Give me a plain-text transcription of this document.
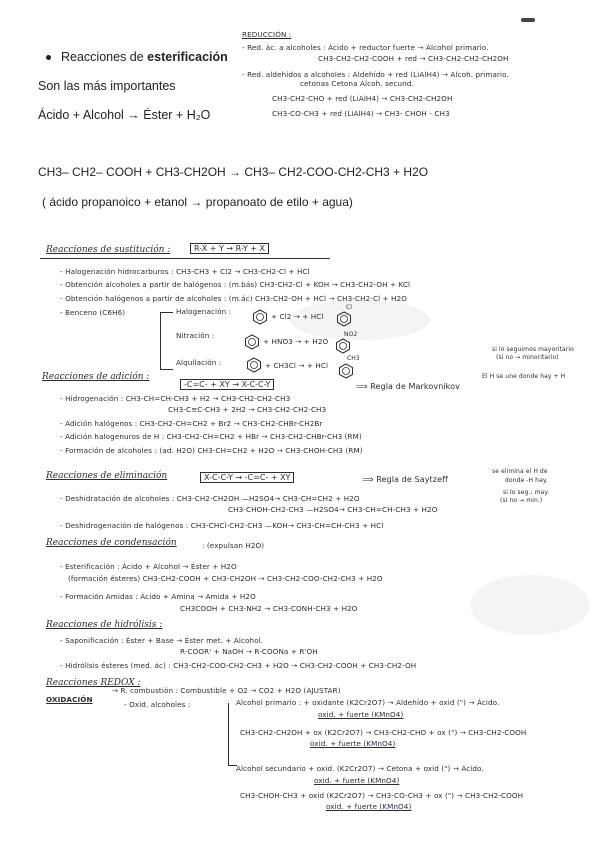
Reacciones de esterificación
Son las más importantes
Ácido + Alcohol → Éster + H₂O
CH3– CH2– COOH + CH3-CH2OH → CH3– CH2-COO-CH2-CH3 + H2O
( ácido propanoico + etanol → propanoato de etilo + agua)
REDUCCIÓN :
- Red. ác. a alcoholes : Ácido + reductor fuerte → Alcohol primario.
CH3-CH2-CH2-COOH + red → CH3-CH2-CH2-CH2OH
- Red. aldehídos a alcoholes : Aldehído + red (LiAlH4) → Alcoh. primario.
cetonas Cetona Alcoh. secund.
CH3-CH2-CHO + red (LiAlH4) → CH3-CH2-CH2OH
CH3-CO-CH3 + red (LiAlH4) → CH3- CHOH - CH3
Reacciones de sustitución :	R-X + Y → R-Y + X
- Halogenación hidrocarburos : CH3-CH3 + Cl2 → CH3-CH2-Cl + HCl
- Obtención alcoholes a partir de halógenos : (m.bás) CH3-CH2-Cl + KOH → CH3-CH2-OH + KCl
- Obtención halógenos a partir de alcoholes : (m.ác) CH3-CH2-OH + HCl → CH3-CH2-Cl + H2O
- Benceno (C6H6)	Halogenación :
Nitración :
Alquilación :
+ Cl2 → + HCl
Cl
+ HNO3 → + H2O
NO2
+ CH3Cl → + HCl
CH3
Reacciones de adición :
-C=C- + XY → X-C-C-Y	⟹ Regla de Markovnikov
si lo seguimos mayoritario
(si no → minoritario)
El H se une donde hay + H
- Hidrogenación : CH3-CH=CH-CH3 + H2 → CH3-CH2-CH2-CH3
CH3-C≡C-CH3 + 2H2 → CH3-CH2-CH2-CH3
- Adición halógenos : CH3-CH2-CH=CH2 + Br2 → CH3-CH2-CHBr-CH2Br
- Adición halogenuros de H : CH3-CH2-CH=CH2 + HBr → CH3-CH2-CHBr-CH3 (RM)
- Formación de alcoholes : (ad. H2O) CH3-CH=CH2 + H2O → CH3-CHOH-CH3 (RM)
Reacciones de eliminación	X-C-C-Y → -C=C- + XY	⟹ Regla de Saytzeff
se elimina el H de
donde -H hay.
si lo seg.: may.
(si no → min.)
- Deshidratación de alcoholes : CH3-CH2-CH2OH —H2SO4→ CH3-CH=CH2 + H2O
CH3-CHOH-CH2-CH3 —H2SO4→ CH3-CH=CH-CH3 + H2O
- Deshidrogenación de halógenos : CH3-CHCl-CH2-CH3 —KOH→ CH3-CH=CH-CH3 + HCl
Reacciones de condensación	: (expulsan H2O)
- Esterificación : Ácido + Alcohol → Éster + H2O
(formación ésteres) CH3-CH2-COOH + CH3-CH2OH → CH3-CH2-COO-CH2-CH3 + H2O
- Formación Amidas : Ácido + Amina → Amida + H2O
CH3COOH + CH3-NH2 → CH3-CONH-CH3 + H2O
Reacciones de hidrólisis :
- Saponificación : Éster + Base → Éster met. + Alcohol.
R-COOR' + NaOH → R-COONa + R'OH
- Hidrólisis ésteres (med. ác) : CH3-CH2-COO-CH2-CH3 + H2O → CH3-CH2-COOH + CH3-CH2-OH
Reacciones REDOX :
OXIDACIÓN
→ R. combustión : Combustible + O2 → CO2 + H2O (AJUSTAR)
- Oxid. alcoholes :	Alcohol primario : + oxidante (K2Cr2O7) → Aldehído + oxid (") → Ácido.
oxid. + fuerte (KMnO4)
CH3-CH2-CH2OH + ox (K2Cr2O7) → CH3-CH2-CHO + ox (") → CH3-CH2-COOH
oxid. + fuerte (KMnO4)
Alcohol secundario + oxid. (K2Cr2O7) → Cetona + oxid (") → Ácido.
oxid. + fuerte (KMnO4)
CH3-CHOH-CH3 + oxid (K2Cr2O7) → CH3-CO-CH3 + ox (") → CH3-CH2-COOH
oxid. + fuerte (KMnO4)
